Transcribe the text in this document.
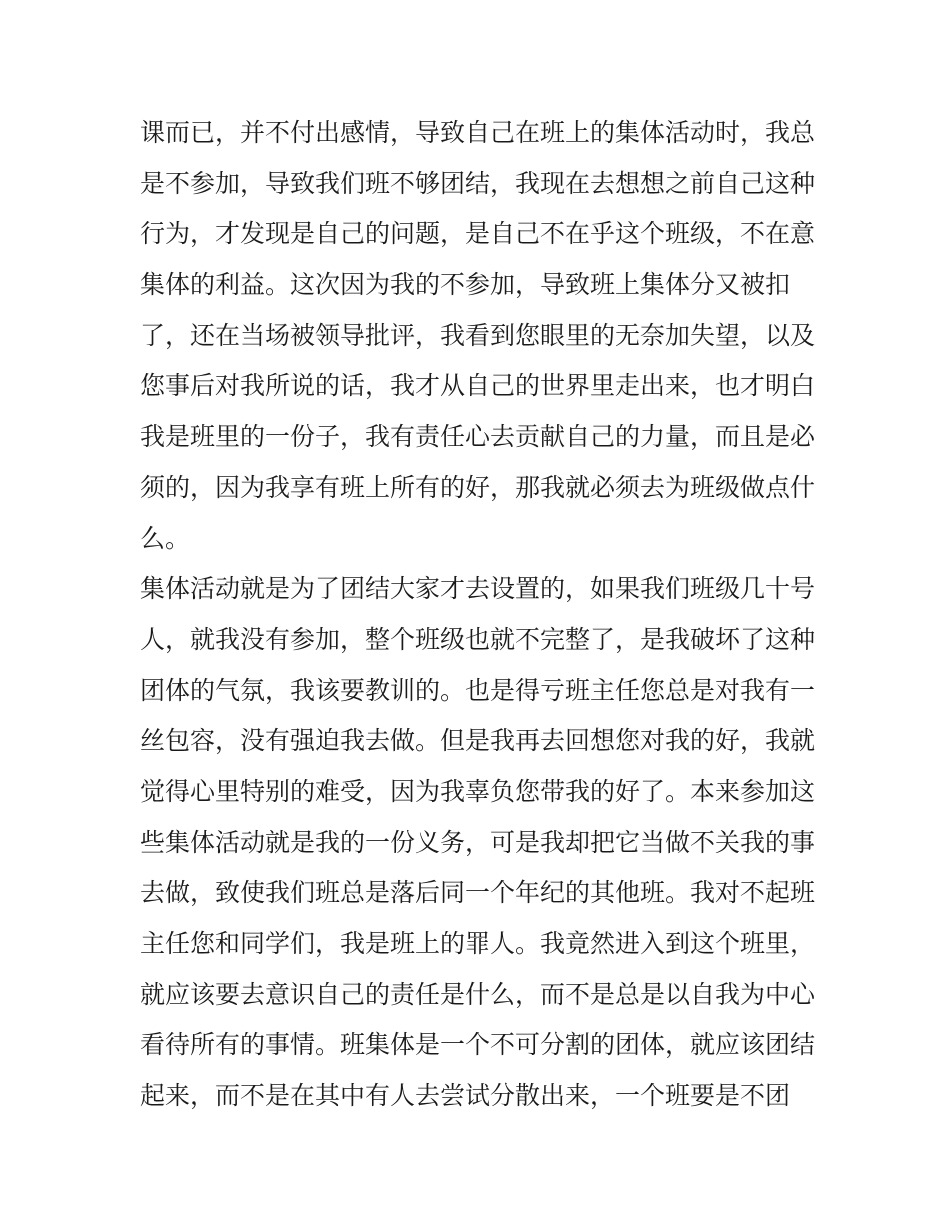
课而已，并不付出感情，导致自己在班上的集体活动时，我总
是不参加，导致我们班不够团结，我现在去想想之前自己这种
行为，才发现是自己的问题，是自己不在乎这个班级，不在意
集体的利益。这次因为我的不参加，导致班上集体分又被扣
了，还在当场被领导批评，我看到您眼里的无奈加失望，以及
您事后对我所说的话，我才从自己的世界里走出来，也才明白
我是班里的一份子，我有责任心去贡献自己的力量，而且是必
须的，因为我享有班上所有的好，那我就必须去为班级做点什
么。
集体活动就是为了团结大家才去设置的，如果我们班级几十号
人，就我没有参加，整个班级也就不完整了，是我破坏了这种
团体的气氛，我该要教训的。也是得亏班主任您总是对我有一
丝包容，没有强迫我去做。但是我再去回想您对我的好，我就
觉得心里特别的难受，因为我辜负您带我的好了。本来参加这
些集体活动就是我的一份义务，可是我却把它当做不关我的事
去做，致使我们班总是落后同一个年纪的其他班。我对不起班
主任您和同学们，我是班上的罪人。我竟然进入到这个班里，
就应该要去意识自己的责任是什么，而不是总是以自我为中心
看待所有的事情。班集体是一个不可分割的团体，就应该团结
起来，而不是在其中有人去尝试分散出来，一个班要是不团
